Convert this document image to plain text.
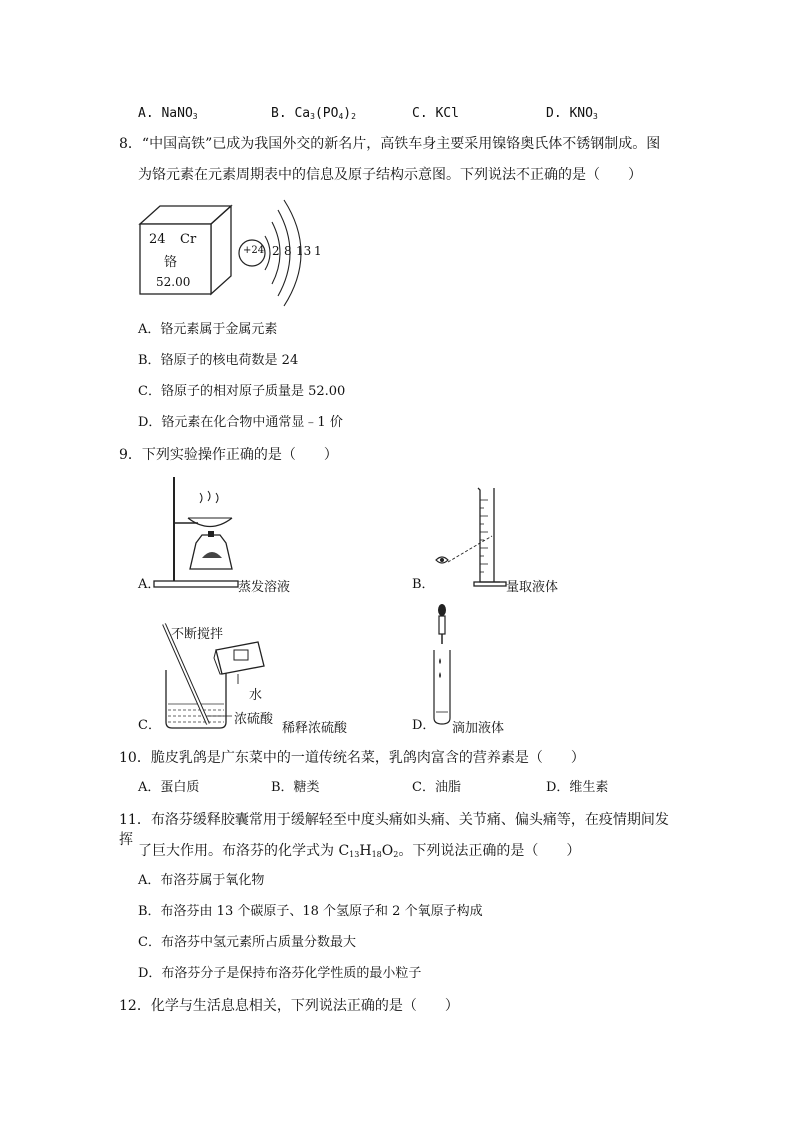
A. NaNO$_3$	B. $Ca_3(PO_4)_2$	C. KCl	D. $KNO_3$
8．“中国高铁”已成为我国外交的新名片，高铁车身主要采用镍铬奥氏体不锈钢制成。图
为铬元素在元素周期表中的信息及原子结构示意图。下列说法不正确的是（　　）
24 Cr
铬
52.00
+24 2 8 13 1
A．铬元素属于金属元素
B．铬原子的核电荷数是 24
C．铬原子的相对原子质量是 52.00
D．铬元素在化合物中通常显﹣1 价
9．下列实验操作正确的是（　　）
A．	蒸发溶液	B．	量取液体
C．
不断搅拌
水
浓硫酸
稀释浓硫酸	D． 滴加液体
10．脆皮乳鸽是广东菜中的一道传统名菜，乳鸽肉富含的营养素是（　　）
A．蛋白质	B．糖类	C．油脂	D．维生素
11．布洛芬缓释胶囊常用于缓解轻至中度头痛如头痛、关节痛、偏头痛等，在疫情期间发挥
了巨大作用。布洛芬的化学式为 $C_{13}H_{18}O_2$。下列说法正确的是（　　）
A．布洛芬属于氧化物
B．布洛芬由 13 个碳原子、18 个氢原子和 2 个氧原子构成
C．布洛芬中氢元素所占质量分数最大
D．布洛芬分子是保持布洛芬化学性质的最小粒子
12．化学与生活息息相关，下列说法正确的是（　　）
